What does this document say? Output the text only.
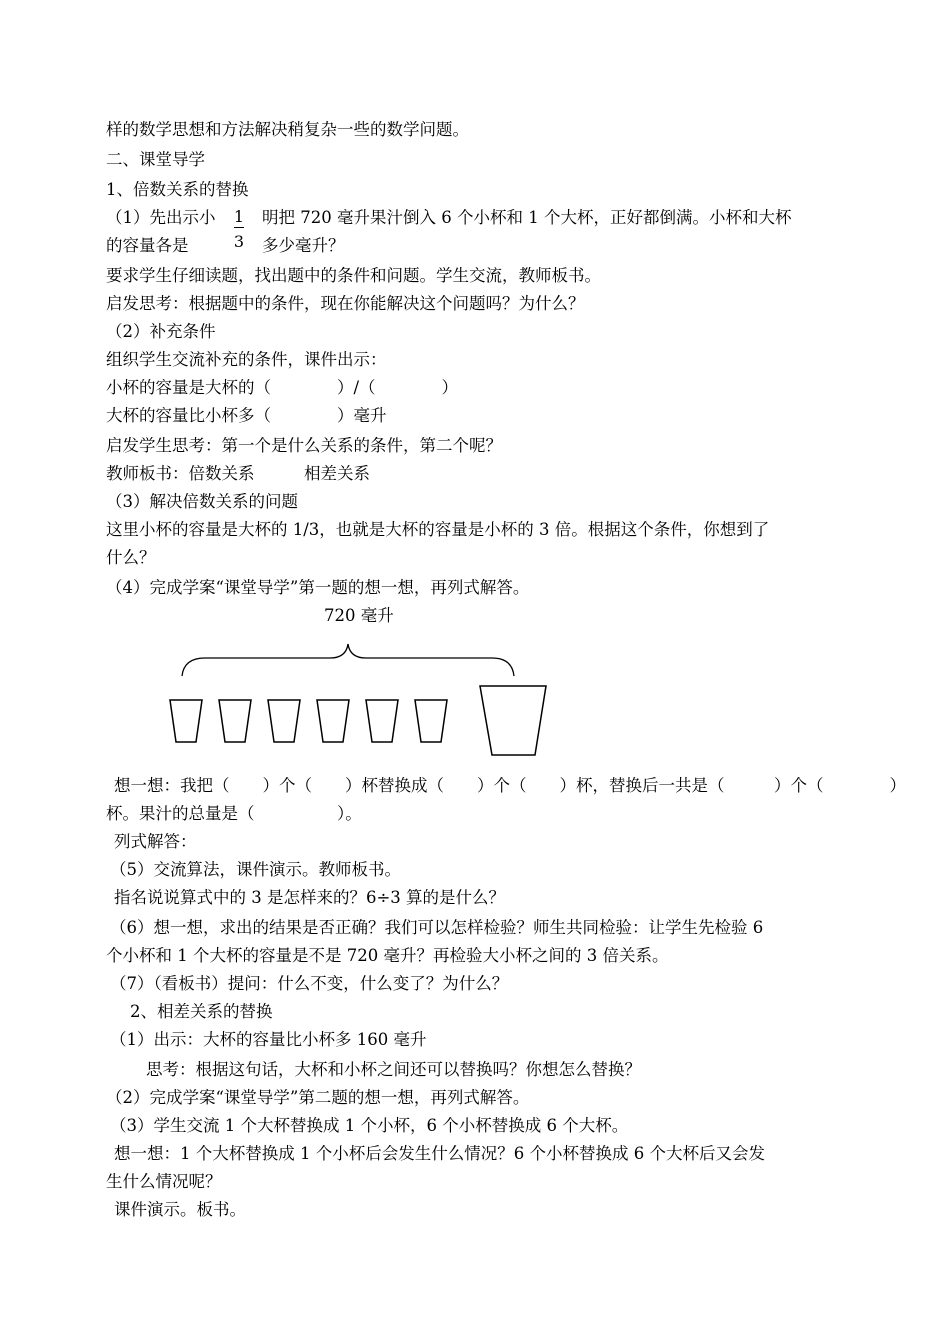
样的数学思想和方法解决稍复杂一些的数学问题。
二、课堂导学
1、倍数关系的替换
（1）先出示小	明把 720 毫升果汁倒入 6 个小杯和 1 个大杯，正好都倒满。小杯和大杯
的容量各是	多少毫升？
1
3
要求学生仔细读题，找出题中的条件和问题。学生交流，教师板书。
启发思考：根据题中的条件，现在你能解决这个问题吗？为什么？
（2）补充条件
组织学生交流补充的条件，课件出示：
小杯的容量是大杯的（　　　　）/（　　　　）
大杯的容量比小杯多（　　　　）毫升
启发学生思考：第一个是什么关系的条件，第二个呢？
教师板书：倍数关系　　　相差关系
（3）解决倍数关系的问题
这里小杯的容量是大杯的 1/3，也就是大杯的容量是小杯的 3 倍。根据这个条件，你想到了
什么？
（4）完成学案“课堂导学”第一题的想一想，再列式解答。
720 毫升
想一想：我把（　　）个（　　）杯替换成（　　）个（　　）杯，替换后一共是（　　　）个（　　　　）
杯。果汁的总量是（　　　　　）。
列式解答：
（5）交流算法，课件演示。教师板书。
指名说说算式中的 3 是怎样来的？6÷3 算的是什么？
（6）想一想，求出的结果是否正确？我们可以怎样检验？师生共同检验：让学生先检验 6
个小杯和 1 个大杯的容量是不是 720 毫升？再检验大小杯之间的 3 倍关系。
（7）（看板书）提问：什么不变，什么变了？为什么？
2、相差关系的替换
（1）出示：大杯的容量比小杯多 160 毫升
思考：根据这句话，大杯和小杯之间还可以替换吗？你想怎么替换？
（2）完成学案“课堂导学”第二题的想一想，再列式解答。
（3）学生交流 1 个大杯替换成 1 个小杯，6 个小杯替换成 6 个大杯。
想一想：1 个大杯替换成 1 个小杯后会发生什么情况？6 个小杯替换成 6 个大杯后又会发
生什么情况呢？
课件演示。板书。
